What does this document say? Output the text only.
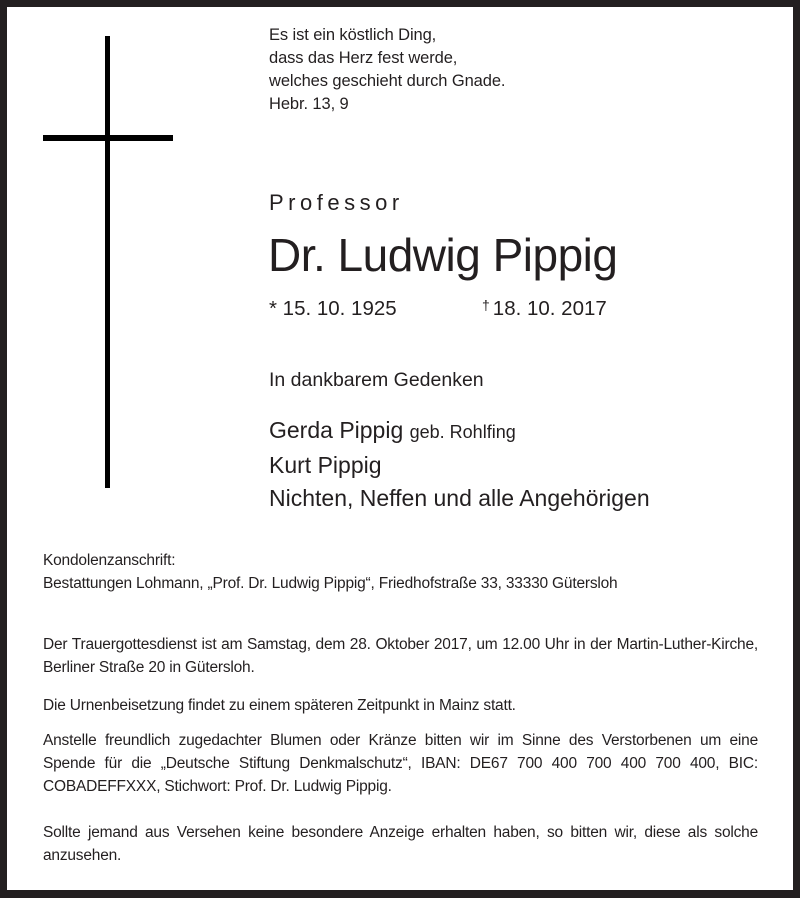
Es ist ein köstlich Ding,
dass das Herz fest werde,
welches geschieht durch Gnade.
Hebr. 13, 9
Professor
Dr. Ludwig Pippig
* 15. 10. 1925	† 18. 10. 2017
In dankbarem Gedenken
Gerda Pippig geb. Rohlfing
Kurt Pippig
Nichten, Neffen und alle Angehörigen
Kondolenzanschrift:
Bestattungen Lohmann, „Prof. Dr. Ludwig Pippig“, Friedhofstraße 33, 33330 Gütersloh
Der Trauergottesdienst ist am Samstag, dem 28. Oktober 2017, um 12.00 Uhr in der Martin-Luther-Kirche, Berliner Straße 20 in Gütersloh.
Die Urnenbeisetzung findet zu einem späteren Zeitpunkt in Mainz statt.
Anstelle freundlich zugedachter Blumen oder Kränze bitten wir im Sinne des Verstorbenen um eine Spende für die „Deutsche Stiftung Denkmalschutz“, IBAN: DE67 700 400 700 400 700 400, BIC: COBADEFFXXX, Stichwort: Prof. Dr. Ludwig Pippig.
Sollte jemand aus Versehen keine besondere Anzeige erhalten haben, so bitten wir, diese als solche anzusehen.
